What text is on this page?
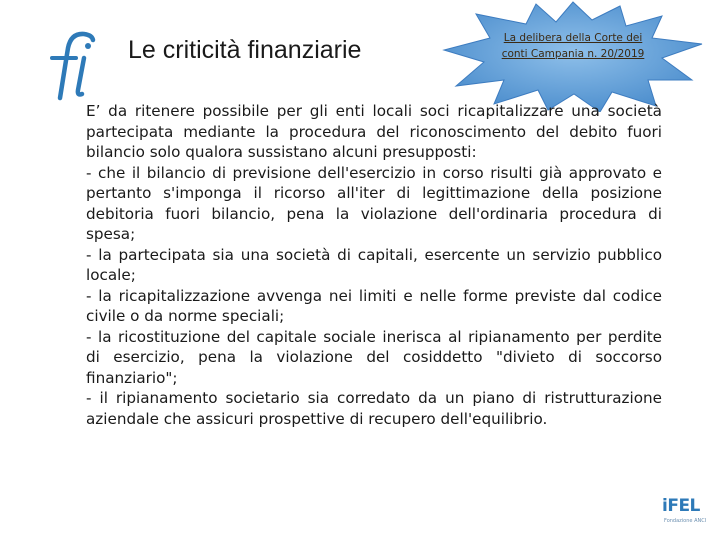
Le criticità finanziarie	La delibera della Corte dei conti Campania n. 20/2019

E’ da ritenere possibile per gli enti locali soci ricapitalizzare una società partecipata mediante la procedura del riconoscimento del debito fuori bilancio solo qualora sussistano alcuni presupposti:

- che il bilancio di previsione dell'esercizio in corso risulti già approvato e pertanto s'imponga il ricorso all'iter di legittimazione della posizione debitoria fuori bilancio, pena la violazione dell'ordinaria procedura di spesa;

- la partecipata sia una società di capitali, esercente un servizio pubblico locale;

- la ricapitalizzazione avvenga nei limiti e nelle forme previste dal codice civile o da norme speciali;

- la ricostituzione del capitale sociale inerisca al ripianamento per perdite di esercizio, pena la violazione del cosiddetto "divieto di soccorso finanziario";

- il ripianamento societario sia corredato da un piano di ristrutturazione aziendale che assicuri prospettive di recupero dell'equilibrio.

iFEL
Fondazione ANCI
